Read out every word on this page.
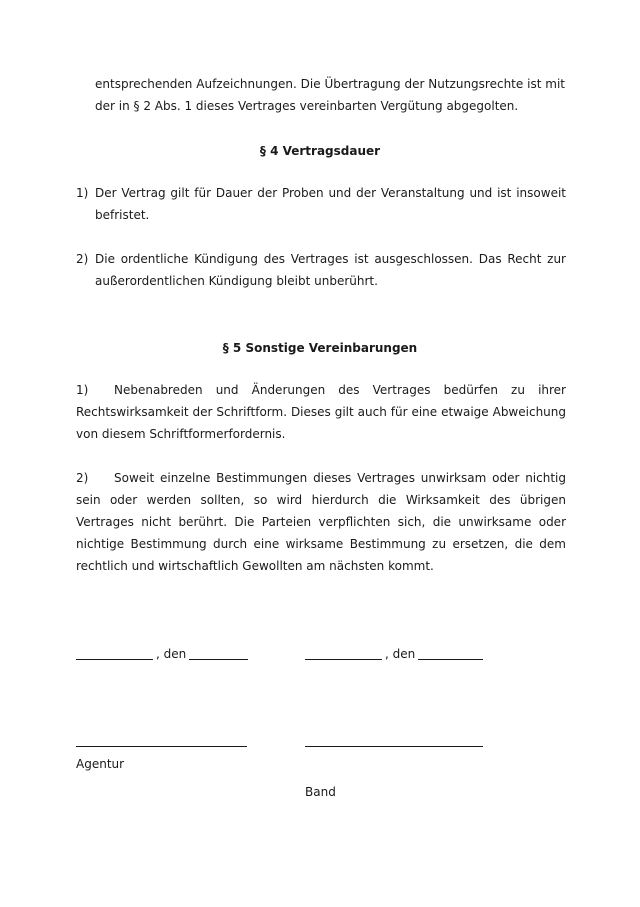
entsprechenden Aufzeichnungen. Die Übertragung der Nutzungsrechte ist mit der in § 2 Abs. 1 dieses Vertrages vereinbarten Vergütung abgegolten.

§ 4 Vertragsdauer

1) Der Vertrag gilt für Dauer der Proben und der Veranstaltung und ist insoweit befristet.
2) Die ordentliche Kündigung des Vertrages ist ausgeschlossen. Das Recht zur außerordentlichen Kündigung bleibt unberührt.

§ 5 Sonstige Vereinbarungen

1)	Nebenabreden und Änderungen des Vertrages bedürfen zu ihrer Rechtswirksamkeit der Schriftform. Dieses gilt auch für eine etwaige Abweichung von diesem Schriftformerfordernis.
2)	Soweit einzelne Bestimmungen dieses Vertrages unwirksam oder nichtig sein oder werden sollten, so wird hierdurch die Wirksamkeit des übrigen Vertrages nicht berührt. Die Parteien verpflichten sich, die unwirksame oder nichtige Bestimmung durch eine wirksame Bestimmung zu ersetzen, die dem rechtlich und wirtschaftlich Gewollten am nächsten kommt.
, den	, den
Agentur
Band
